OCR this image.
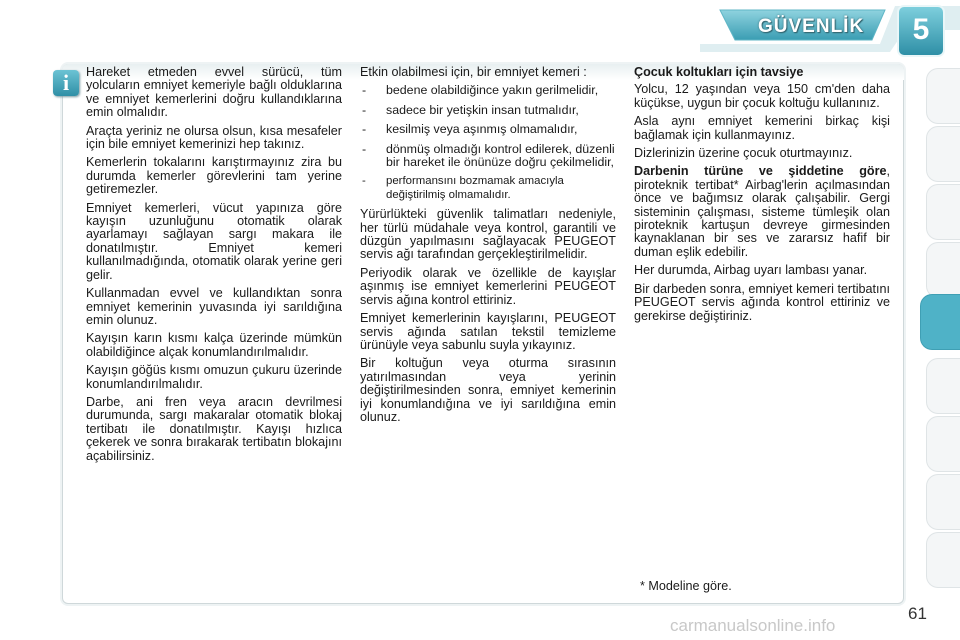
GÜVENLİK 5
i	Hareket etmeden evvel sürücü, tüm yolcuların emniyet kemeriyle bağlı olduklarına ve emniyet kemerlerini doğru kullandıklarına emin olmalıdır.

Araçta yeriniz ne olursa olsun, kısa mesafeler için bile emniyet kemerinizi hep takınız.

Kemerlerin tokalarını karıştırmayınız zira bu durumda kemerler görevlerini tam yerine getiremezler.

Emniyet kemerleri, vücut yapınıza göre kayışın uzunluğunu otomatik olarak ayarlamayı sağlayan sargı makara ile donatılmıştır. Emniyet kemeri kullanılmadığında, otomatik olarak yerine geri gelir.

Kullanmadan evvel ve kullandıktan sonra emniyet kemerinin yuvasında iyi sarıldığına emin olunuz.

Kayışın karın kısmı kalça üzerinde mümkün olabildiğince alçak konumlandırılmalıdır.

Kayışın göğüs kısmı omuzun çukuru üzerinde konumlandırılmalıdır.

Darbe, ani fren veya aracın devrilmesi durumunda, sargı makaralar otomatik blokaj tertibatı ile donatılmıştır. Kayışı hızlıca çekerek ve sonra bırakarak tertibatın blokajını açabilirsiniz.

Etkin olabilmesi için, bir emniyet kemeri :

- bedene olabildiğince yakın gerilmelidir,
- sadece bir yetişkin insan tutmalıdır,
- kesilmiş veya aşınmış olmamalıdır,
- dönmüş olmadığı kontrol edilerek, düzenli bir hareket ile önünüze doğru çekilmelidir,
- performansını bozmamak amacıyla değiştirilmiş olmamalıdır.

Yürürlükteki güvenlik talimatları nedeniyle, her türlü müdahale veya kontrol, garantili ve düzgün yapılmasını sağlayacak PEUGEOT servis ağı tarafından gerçekleştirilmelidir.

Periyodik olarak ve özellikle de kayışlar aşınmış ise emniyet kemerlerini PEUGEOT servis ağına kontrol ettiriniz.

Emniyet kemerlerinin kayışlarını, PEUGEOT servis ağında satılan tekstil temizleme ürünüyle veya sabunlu suyla yıkayınız.

Bir koltuğun veya oturma sırasının yatırılmasından veya yerinin değiştirilmesinden sonra, emniyet kemerinin iyi konumlandığına ve iyi sarıldığına emin olunuz.

Çocuk koltukları için tavsiye

Yolcu, 12 yaşından veya 150 cm'den daha küçükse, uygun bir çocuk koltuğu kullanınız.

Asla aynı emniyet kemerini birkaç kişi bağlamak için kullanmayınız.

Dizlerinizin üzerine çocuk oturtmayınız.

Darbenin türüne ve şiddetine göre, piroteknik tertibat* Airbag'lerin açılmasından önce ve bağımsız olarak çalışabilir. Gergi sisteminin çalışması, sisteme tümleşik olan piroteknik kartuşun devreye girmesinden kaynaklanan bir ses ve zararsız hafif bir duman eşlik edebilir.

Her durumda, Airbag uyarı lambası yanar.

Bir darbeden sonra, emniyet kemeri tertibatını PEUGEOT servis ağında kontrol ettiriniz ve gerekirse değiştiriniz.

* Modeline göre.
61
carmanualsonline.info
